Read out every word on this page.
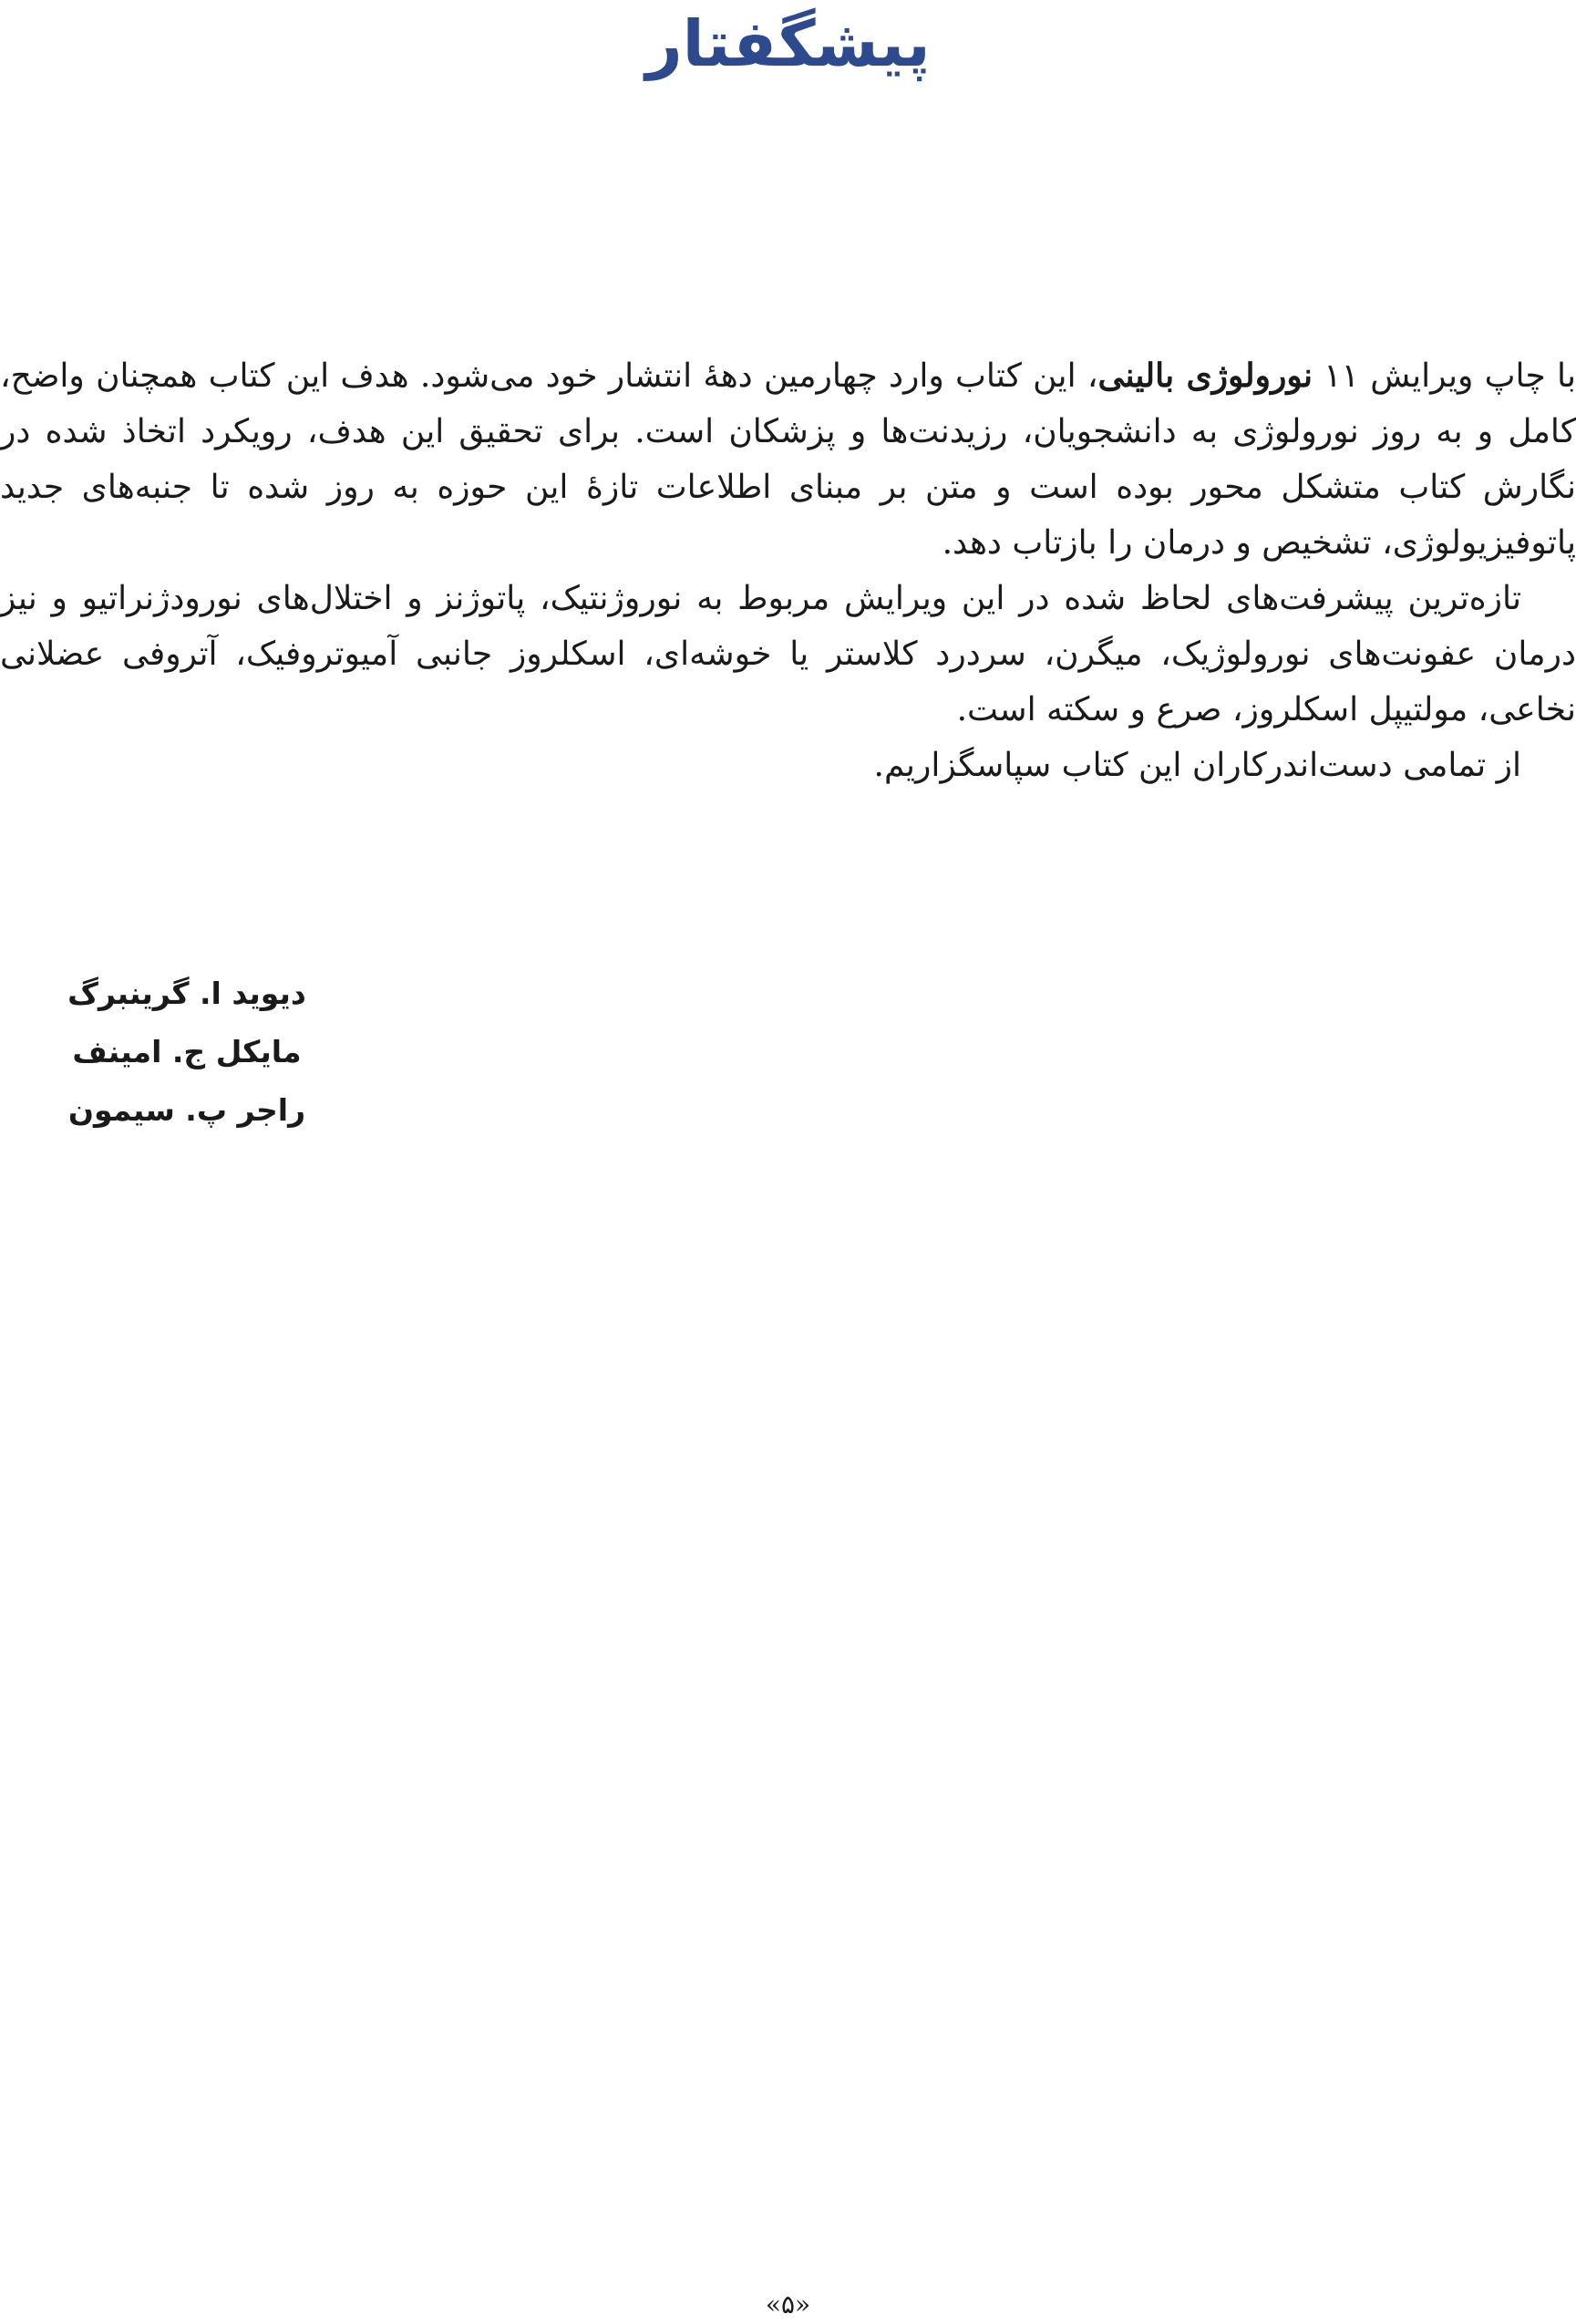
پیشگفتار

با چاپ ویرایش ۱۱ نورولوژی بالینی، این کتاب وارد چهارمین دههٔ انتشار خود می‌شود. هدف این کتاب همچنان واضح، کامل و به روز نورولوژی به دانشجویان، رزیدنت‌ها و پزشکان است. برای تحقیق این هدف، رویکرد اتخاذ شده در نگارش کتاب متشکل محور بوده است و متن بر مبنای اطلاعات تازهٔ این حوزه به روز شده تا جنبه‌های جدید پاتوفیزیولوژی، تشخیص و درمان را بازتاب دهد.

تازه‌ترین پیشرفت‌های لحاظ شده در این ویرایش مربوط به نوروژنتیک، پاتوژنز و اختلال‌های نورودژنراتیو و نیز درمان عفونت‌های نورولوژیک، میگرن، سردرد کلاستر یا خوشه‌ای، اسکلروز جانبی آمیوتروفیک، آتروفی عضلانی نخاعی، مولتیپل اسکلروز، صرع و سکته است.

از تمامی دست‌اندرکاران این کتاب سپاسگزاریم.

دیوید ا. گرینبرگ
مایکل ج. امینف
راجر پ. سیمون
«۵»
